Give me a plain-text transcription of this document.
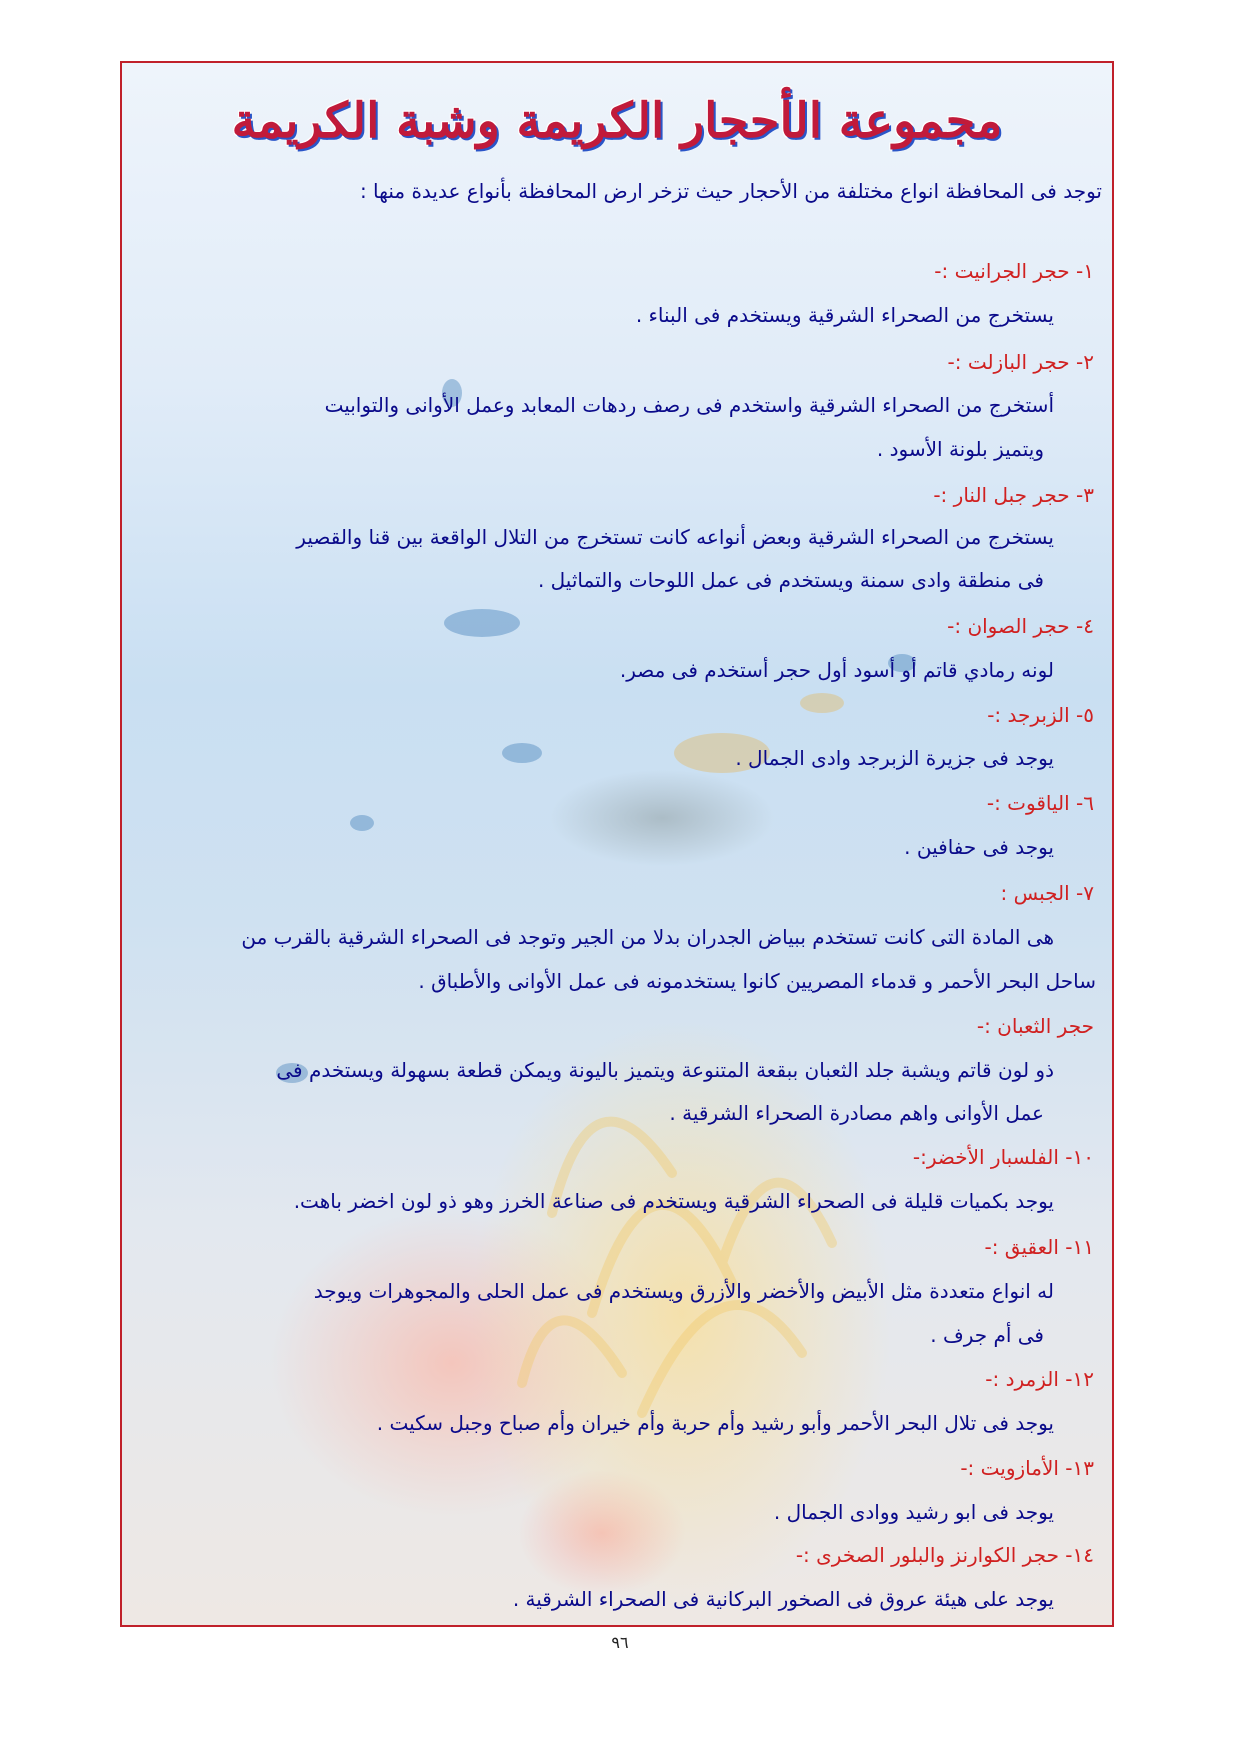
مجموعة الأحجار الكريمة وشبة الكريمة
توجد فى المحافظة انواع مختلفة من الأحجار حيث تزخر ارض المحافظة بأنواع عديدة منها :
١- حجر الجرانيت :-
يستخرج من الصحراء الشرقية ويستخدم فى البناء .
٢- حجر البازلت :-
أستخرج من الصحراء الشرقية واستخدم فى رصف ردهات المعابد وعمل الأوانى والتوابيت
ويتميز بلونة الأسود .
٣- حجر جبل النار :-
يستخرج من الصحراء الشرقية وبعض أنواعه كانت تستخرج من التلال الواقعة بين قنا والقصير
فى منطقة وادى سمنة ويستخدم فى عمل اللوحات والتماثيل .
٤- حجر الصوان :-
لونه رمادي قاتم أو أسود أول حجر أستخدم فى مصر.
٥- الزبرجد :-
يوجد فى جزيرة الزبرجد وادى الجمال .
٦- الياقوت :-
يوجد فى حفافين .
٧- الجبس :
هى المادة التى كانت تستخدم ببياض الجدران بدلا من الجير وتوجد فى الصحراء الشرقية بالقرب من
ساحل البحر الأحمر و قدماء المصريين كانوا يستخدمونه فى عمل الأوانى والأطباق .
حجر الثعبان :-
ذو لون قاتم ويشبة جلد الثعبان ببقعة المتنوعة ويتميز باليونة ويمكن قطعة بسهولة ويستخدم فى
عمل الأوانى واهم مصادرة الصحراء الشرقية .
١٠- الفلسبار الأخضر:-
يوجد بكميات قليلة فى الصحراء الشرقية ويستخدم فى صناعة الخرز وهو ذو لون اخضر باهت.
١١- العقيق :-
له انواع متعددة مثل الأبيض والأخضر والأزرق ويستخدم فى عمل الحلى والمجوهرات ويوجد
فى أم جرف .
١٢- الزمرد :-
يوجد فى تلال البحر الأحمر وأبو رشيد وأم حربة وأم خيران وأم صباح وجبل سكيت .
١٣- الأمازويت :-
يوجد فى ابو رشيد ووادى الجمال .
١٤- حجر الكوارنز والبلور الصخرى :-
يوجد على هيئة عروق فى الصخور البركانية فى الصحراء الشرقية .
٩٦
